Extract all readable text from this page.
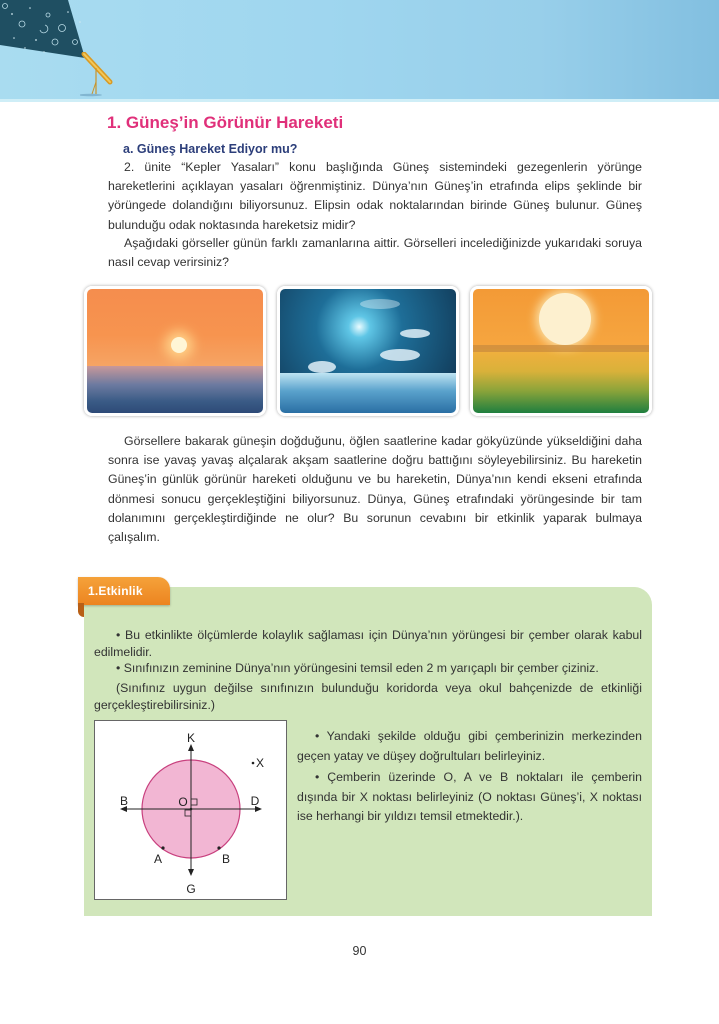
1. Güneş’in Görünür Hareketi
a. Güneş Hareket Ediyor mu?

2. ünite “Kepler Yasaları” konu başlığında Güneş sistemindeki gezegenlerin yörünge hareketlerini açıklayan yasaları öğrenmiştiniz. Dünya’nın Güneş’in etrafında elips şeklinde bir yörüngede dolandığını biliyorsunuz. Elipsin odak noktalarından birinde Güneş bulunur. Güneş bulunduğu odak noktasında hareketsiz midir?

Aşağıdaki görseller günün farklı zamanlarına aittir. Görselleri incelediğinizde yukarıdaki soruya nasıl cevap verirsiniz?

Görsellere bakarak güneşin doğduğunu, öğlen saatlerine kadar gökyüzünde yükseldiğini daha sonra ise yavaş yavaş alçalarak akşam saatlerine doğru battığını söyleyebilirsiniz. Bu hareketin Güneş’in günlük görünür hareketi olduğunu ve bu hareketin, Dünya’nın kendi ekseni etrafında dönmesi sonucu gerçekleştiğini biliyorsunuz. Dünya, Güneş etrafındaki yörüngesinde bir tam dolanımını gerçekleştirdiğinde ne olur? Bu sorunun cevabını bir etkinlik yaparak bulmaya çalışalım.

1.Etkinlik

• Bu etkinlikte ölçümlerde kolaylık sağlaması için Dünya’nın yörüngesi bir çember olarak kabul edilmelidir.

• Sınıfınızın zeminine Dünya’nın yörüngesini temsil eden 2 m yarıçaplı bir çember çiziniz.

(Sınıfınız uygun değilse sınıfınızın bulunduğu koridorda veya okul bahçenizde de etkinliği gerçekleştirebilirsiniz.)

K
G
B	D
O
A	B
X

• Yandaki şekilde olduğu gibi çemberinizin merkezinden geçen yatay ve düşey doğrultuları belirleyiniz.

• Çemberin üzerinde O, A ve B noktaları ile çemberin dışında bir X noktası belirleyiniz (O noktası Güneş’i, X noktası ise herhangi bir yıldızı temsil etmektedir.).

90
